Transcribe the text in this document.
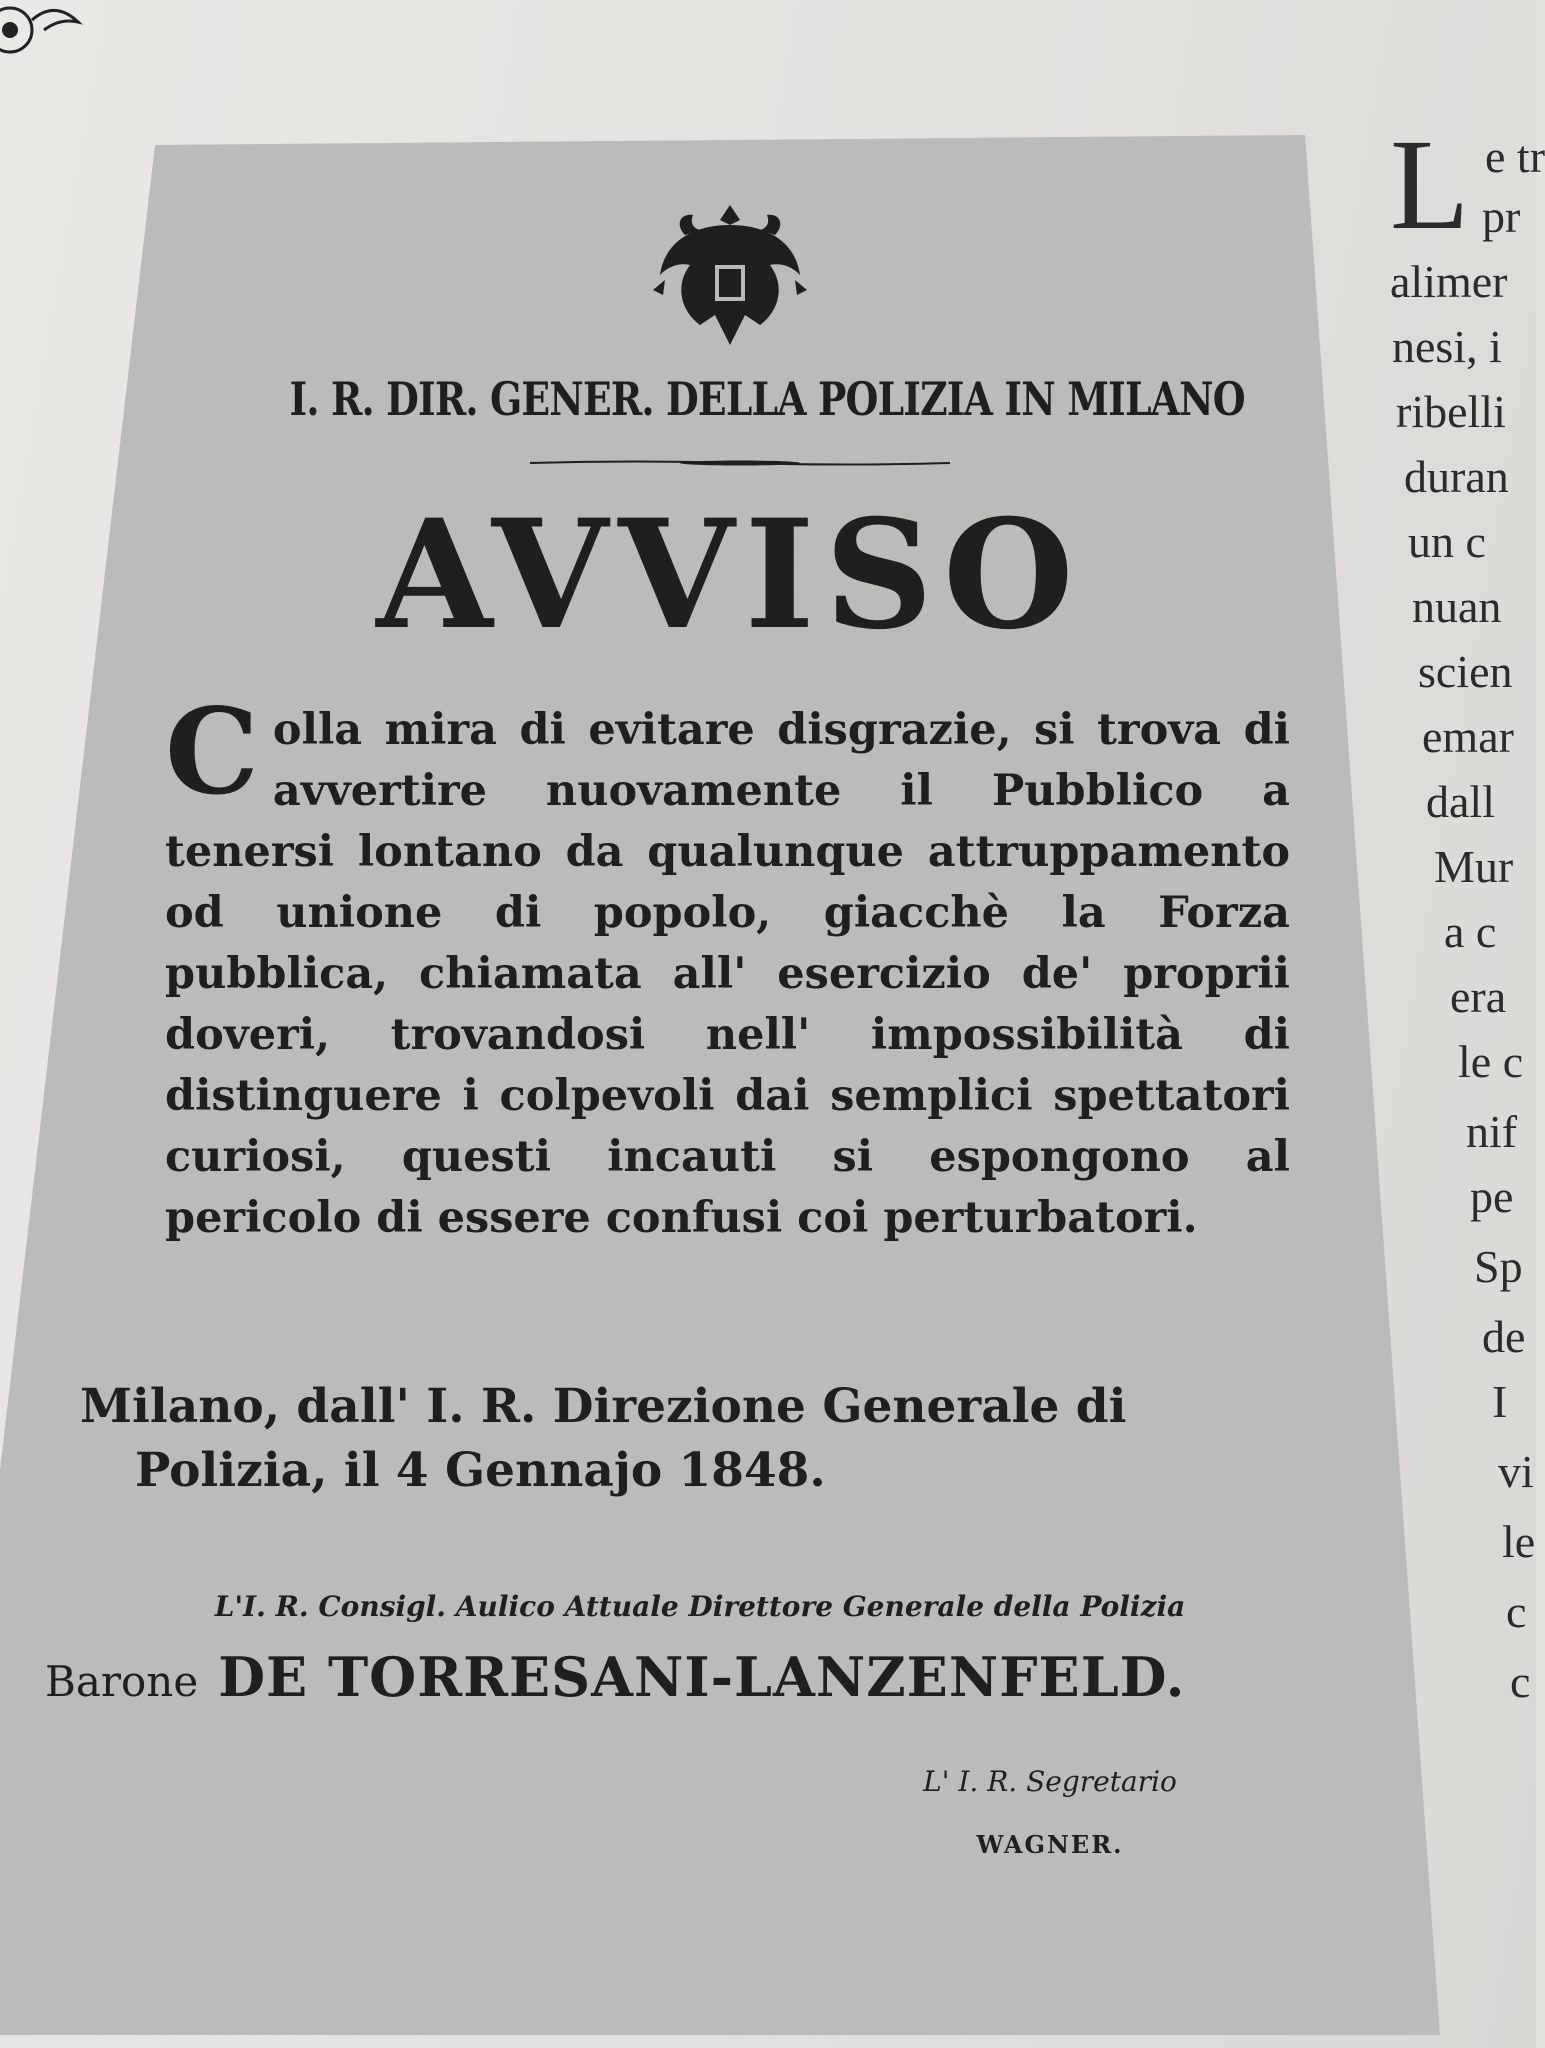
I. R. DIR. GENER. DELLA POLIZIA IN MILANO
AVVISO
Colla mira di evitare disgrazie, si trova di avvertire nuovamente il Pubblico a tenersi lontano da qualunque attruppamento od unione di popolo, giacchè la Forza pubblica, chiamata all' esercizio de' proprii doveri, trovandosi nell' impossibilità di distinguere i colpevoli dai semplici spettatori curiosi, questi incauti si espongono al pericolo di essere confusi coi perturbatori.
Milano, dall' I. R. Direzione Generale di
Polizia, il 4 Gennajo 1848.
L'I. R. Consigl. Aulico Attuale Direttore Generale della Polizia
Barone DE TORRESANI-LANZENFELD.
L' I. R. Segretario
WAGNER.
L e tr
pr
alimer
nesi, i
ribelli
duran
un c
nuan
scien
emar
dall
Mur
a c
era
le c
nif
pe
Sp
de
I
vi
le
c
c
